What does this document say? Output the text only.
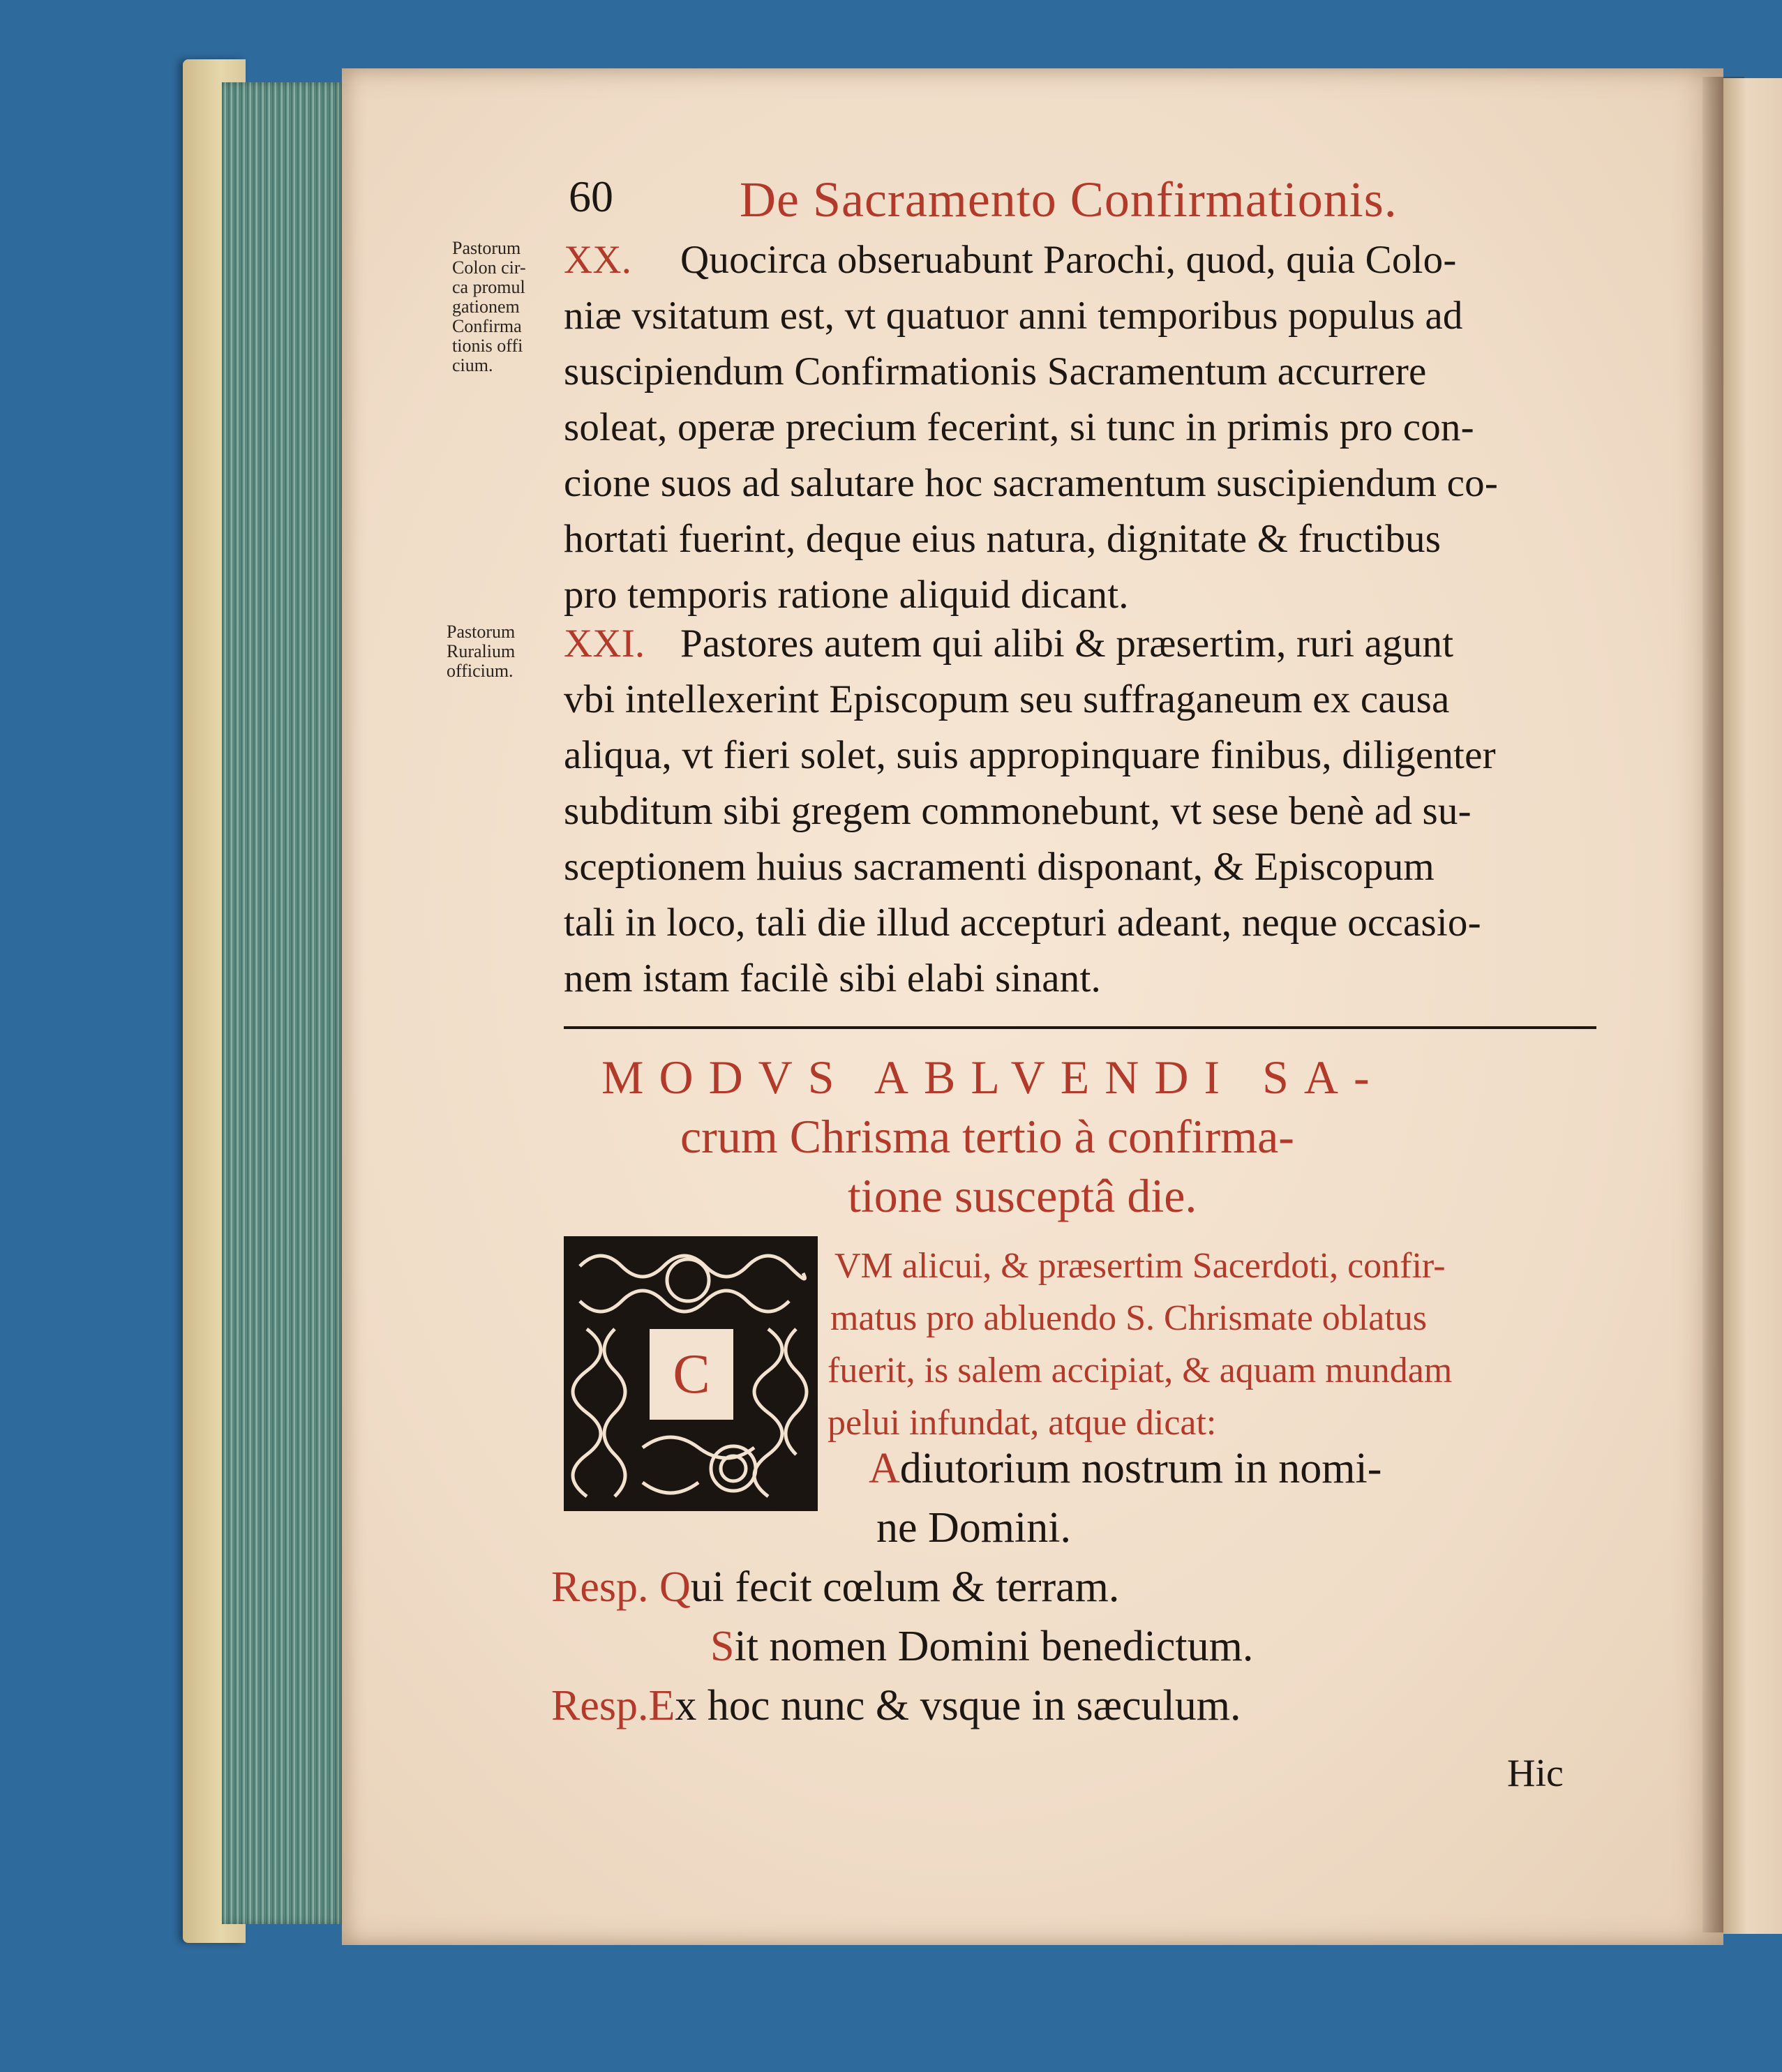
60	De Sacramento Confirmationis.
Pastorum
Colon cir-
ca promul
gationem
Confirma
tionis offi
cium.
Pastorum
Ruralium
officium.
XX. Quocirca obseruabunt Parochi, quod, quia Colo-
niæ vsitatum est, vt quatuor anni temporibus populus ad
suscipiendum Confirmationis Sacramentum accurrere
soleat, operæ precium fecerint, si tunc in primis pro con-
cione suos ad salutare hoc sacramentum suscipiendum co-
hortati fuerint, deque eius natura, dignitate & fructibus
pro temporis ratione aliquid dicant.
XXI. Pastores autem qui alibi & præsertim, ruri agunt
vbi intellexerint Episcopum seu suffraganeum ex causa
aliqua, vt fieri solet, suis appropinquare finibus, diligenter
subditum sibi gregem commonebunt, vt sese benè ad su-
sceptionem huius sacramenti disponant, & Episcopum
tali in loco, tali die illud accepturi adeant, neque occasio-
nem istam facilè sibi elabi sinant.
MODVS ABLVENDI SA-
crum Chrisma tertio à confirma-
tione susceptâ die.
C
VM alicui, & præsertim Sacerdoti, confir-
matus pro abluendo S. Chrismate oblatus
fuerit, is salem accipiat, & aquam mundam
pelui infundat, atque dicat:
Adiutorium nostrum in nomi-
ne Domini.
Resp. Qui fecit cœlum & terram.
Sit nomen Domini benedictum.
Resp.Ex hoc nunc & vsque in sæculum.
Hic
